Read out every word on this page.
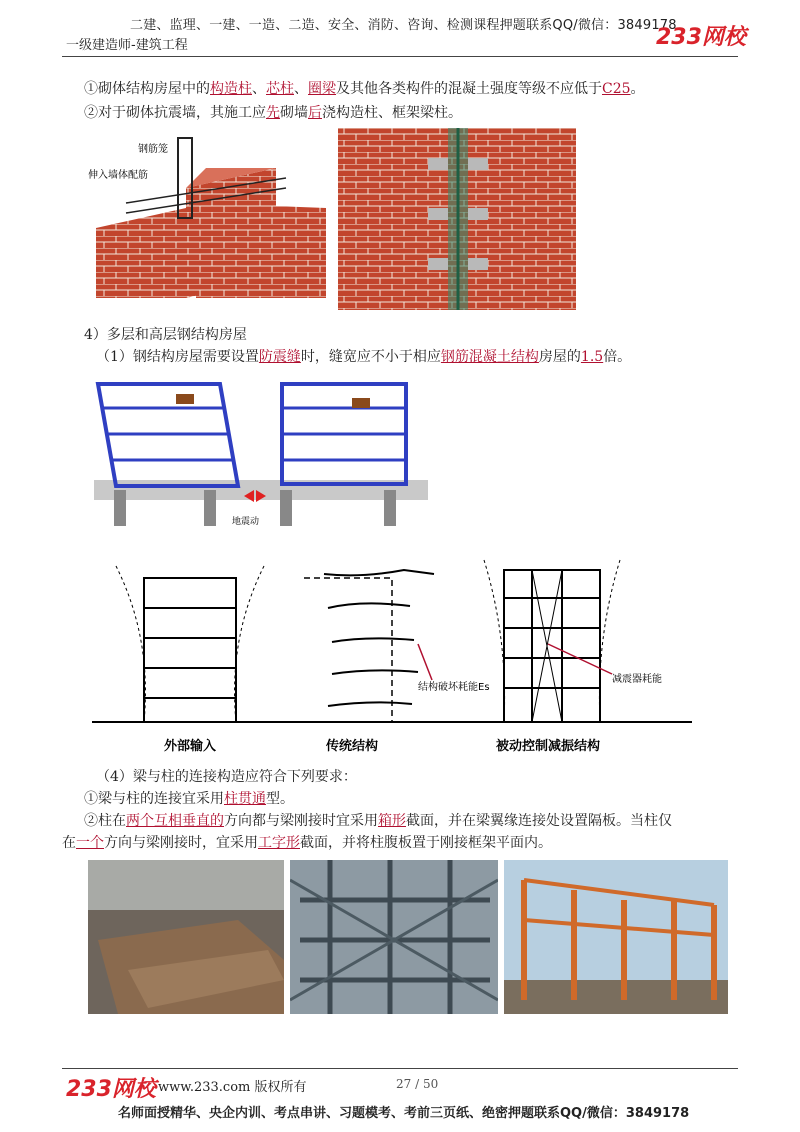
二建、监理、一建、一造、二造、安全、消防、咨询、检测课程押题联系QQ/微信：3849178
一级建造师-建筑工程	233网校
①砌体结构房屋中的构造柱、芯柱、圈梁及其他各类构件的混凝土强度等级不应低于C25。
②对于砌体抗震墙，其施工应先砌墙后浇构造柱、框架梁柱。
钢筋笼
伸入墙体配筋
4）多层和高层钢结构房屋
（1）钢结构房屋需要设置防震缝时，缝宽应不小于相应钢筋混凝土结构房屋的1.5倍。
地震动
结构破坏耗能Es
减震器耗能
外部输入	传统结构	被动控制减振结构
（4）梁与柱的连接构造应符合下列要求：
①梁与柱的连接宜采用柱贯通型。
②柱在两个互相垂直的方向都与梁刚接时宜采用箱形截面，并在梁翼缘连接处设置隔板。当柱仅
在一个方向与梁刚接时，宜采用工字形截面，并将柱腹板置于刚接框架平面内。
233网校 www.233.com 版权所有	27 / 50
名师面授精华、央企内训、考点串讲、习题模考、考前三页纸、绝密押题联系QQ/微信：3849178
